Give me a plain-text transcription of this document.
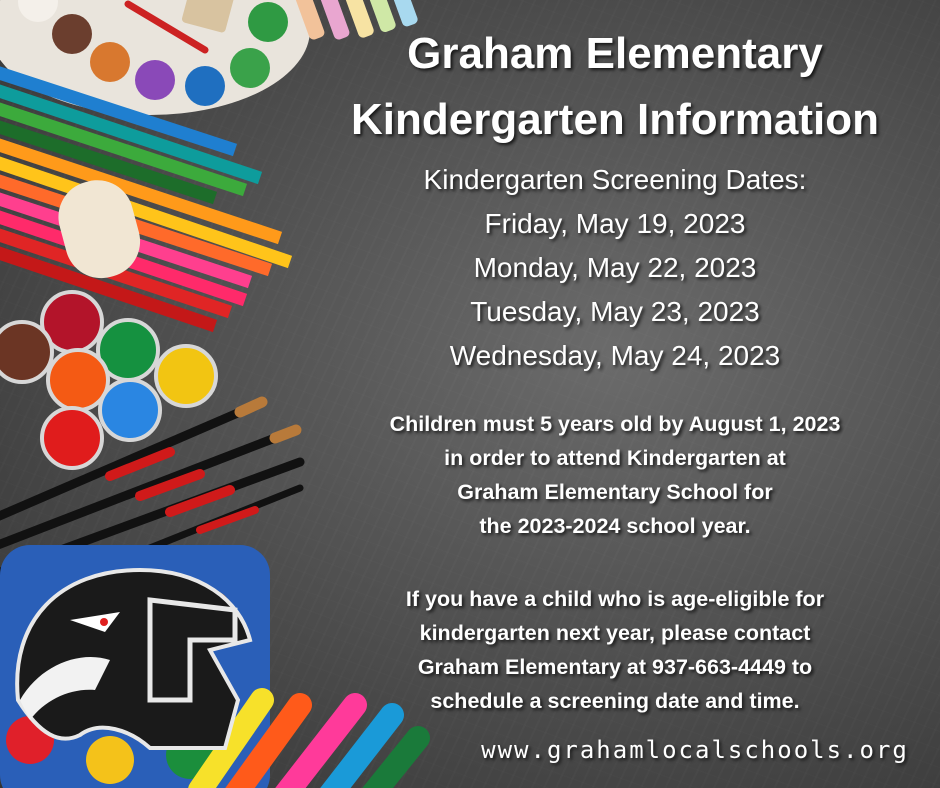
Graham Elementary
Kindergarten Information
Kindergarten Screening Dates:
Friday, May 19, 2023
Monday, May 22, 2023
Tuesday, May 23, 2023
Wednesday, May 24, 2023
Children must 5 years old by August 1, 2023
in order to attend Kindergarten at
Graham Elementary School for
the 2023-2024 school year.
If you have a child who is age-eligible for
kindergarten next year, please contact
Graham Elementary at 937-663-4449 to
schedule a screening date and time.
www.grahamlocalschools.org
